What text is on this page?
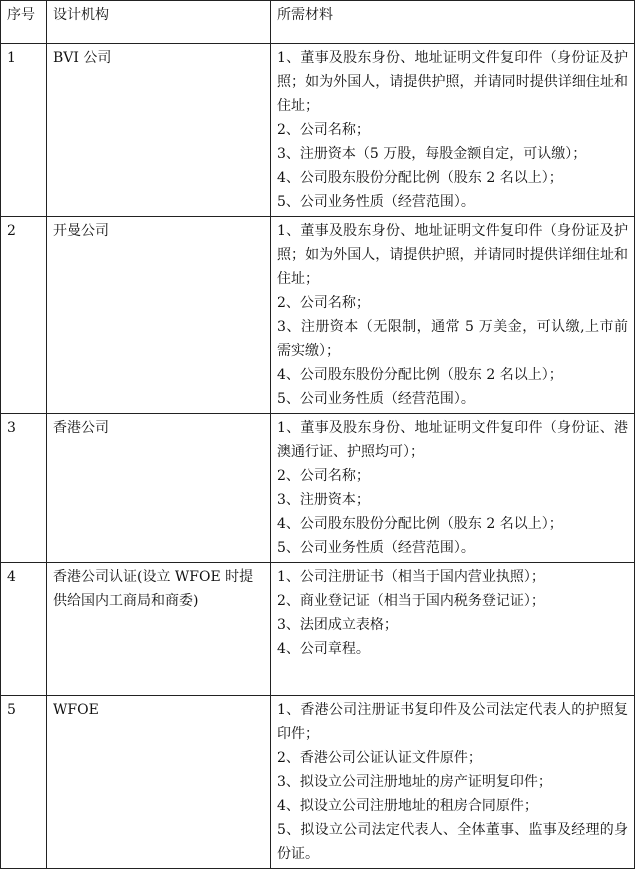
序号	设计机构	所需材料
1	BVI 公司	1、董事及股东身份、地址证明文件复印件（身份证及护照；如为外国人，请提供护照，并请同时提供详细住址和住址；
2、公司名称；
3、注册资本（5 万股，每股金额自定，可认缴）；
4、公司股东股份分配比例（股东 2 名以上）；
5、公司业务性质（经营范围）。

2	开曼公司	1、董事及股东身份、地址证明文件复印件（身份证及护照；如为外国人，请提供护照，并请同时提供详细住址和住址；
2、公司名称；
3、注册资本（无限制，通常 5 万美金，可认缴,上市前需实缴）；
4、公司股东股份分配比例（股东 2 名以上）；
5、公司业务性质（经营范围）。

3	香港公司	1、董事及股东身份、地址证明文件复印件（身份证、港澳通行证、护照均可）；
2、公司名称；
3、注册资本；
4、公司股东股份分配比例（股东 2 名以上）；
5、公司业务性质（经营范围）。

4	香港公司认证(设立 WFOE 时提供给国内工商局和商委)	1、公司注册证书（相当于国内营业执照）；
2、商业登记证（相当于国内税务登记证）；
3、法团成立表格；
4、公司章程。

5	WFOE	1、香港公司注册证书复印件及公司法定代表人的护照复印件；
2、香港公司公证认证文件原件；
3、拟设立公司注册地址的房产证明复印件；
4、拟设立公司注册地址的租房合同原件；
5、拟设立公司法定代表人、全体董事、监事及经理的身份证。
